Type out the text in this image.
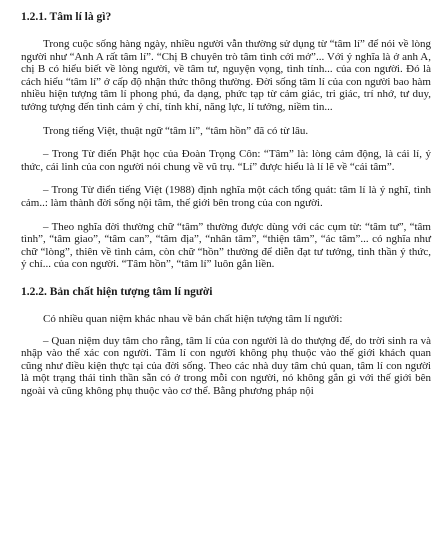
1.2.1. Tâm lí là gì?

Trong cuộc sống hàng ngày, nhiều người vẫn thường sử dụng từ “tâm lí” để nói về lòng người như “Anh A rất tâm lí”. “Chị B chuyên trò tâm tình cởi mở”... Với ý nghĩa là ở anh A, chị B có hiểu biết về lòng người, về tâm tư, nguyện vọng, tình tính... của con người. Đó là cách hiểu “tâm lí” ở cấp độ nhận thức thông thường. Đời sống tâm lí của con người bao hàm nhiều hiện tượng tâm lí phong phú, đa dạng, phức tạp từ cảm giác, tri giác, trí nhớ, tư duy, tưởng tượng đến tình cảm ý chí, tính khí, năng lực, lí tưởng, niềm tin...

Trong tiếng Việt, thuật ngữ “tâm lí”, “tâm hồn” đã có từ lâu.

– Trong Từ điển Phật học của Đoàn Trọng Côn: “Tâm” là: lòng cảm động, là cái lí, ý thức, cái linh của con người nói chung về vũ trụ. “Lí” được hiểu là lí lẽ về “cái tâm”.

– Trong Từ điển tiếng Việt (1988) định nghĩa một cách tổng quát: tâm lí là ý nghĩ, tình cảm..: làm thành đời sống nội tâm, thế giới bên trong của con người.

– Theo nghĩa đời thường chữ “tâm” thường được dùng với các cụm từ: “tâm tư”, “tâm tình”, “tâm giao”, “tâm can”, “tâm địa”, “nhân tâm”, “thiện tâm”, “ác tâm”... có nghĩa như chữ “lòng”, thiên về tình cảm, còn chữ “hồn” thường để diễn đạt tư tưởng, tinh thần ý thức, ý chí... của con người. “Tâm hồn”, “tâm lí” luôn gắn liền.

1.2.2. Bản chất hiện tượng tâm lí người

Có nhiều quan niệm khác nhau về bản chất hiện tượng tâm lí người:

– Quan niệm duy tâm cho rằng, tâm lí của con người là do thượng đế, do trời sinh ra và nhập vào thể xác con người. Tâm lí con người không phụ thuộc vào thế giới khách quan cũng như điều kiện thực tại của đời sống. Theo các nhà duy tâm chủ quan, tâm lí con người là một trạng thái tinh thần sẵn có ở trong mỗi con người, nó không gắn gì với thế giới bên ngoài và cũng không phụ thuộc vào cơ thể. Bằng phương pháp nội
